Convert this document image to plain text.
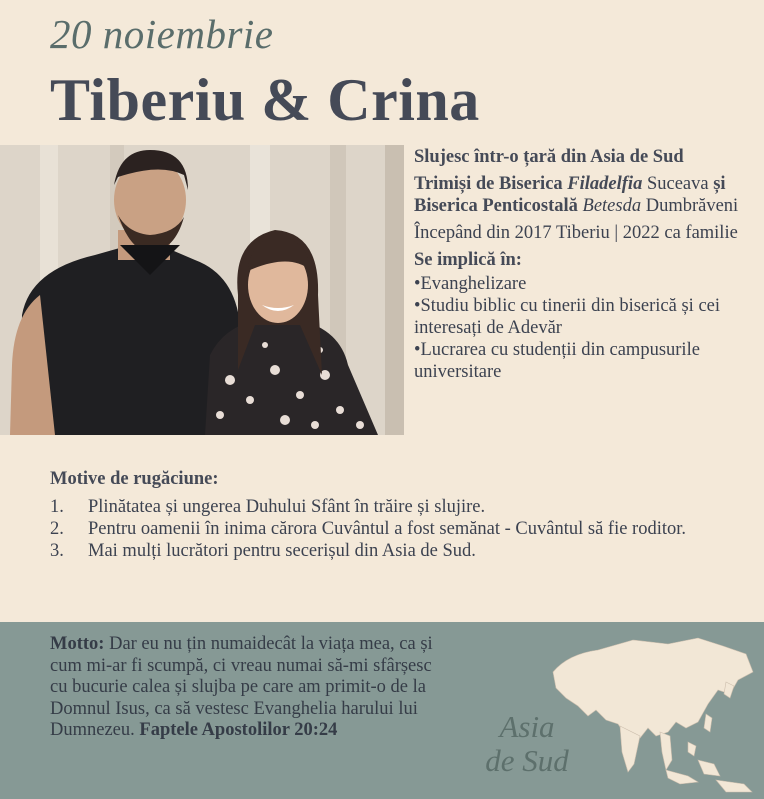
20 noiembrie
Tiberiu & Crina

Slujesc într-o țară din Asia de Sud

Trimiși de Biserica Filadelfia Suceava și Biserica Penticostală Betesda Dumbrăveni

Începând din 2017 Tiberiu | 2022 ca familie

Se implică în:

•Evanghelizare
•Studiu biblic cu tinerii din biserică și cei interesați de Adevăr
•Lucrarea cu studenții din campusurile universitare
Motive de rugăciune:
1.	Plinătatea și ungerea Duhului Sfânt în trăire și slujire.
2.	Pentru oamenii în inima cărora Cuvântul a fost semănat - Cuvântul să fie roditor.
3.	Mai mulți lucrători pentru secerișul din Asia de Sud.

Motto: Dar eu nu țin numaidecât la viața mea, ca și cum mi-ar fi scumpă, ci vreau numai să-mi sfârșesc cu bucurie calea și slujba pe care am primit-o de la Domnul Isus, ca să vestesc Evanghelia harului lui Dumnezeu. Faptele Apostolilor 20:24	Asia
de Sud
